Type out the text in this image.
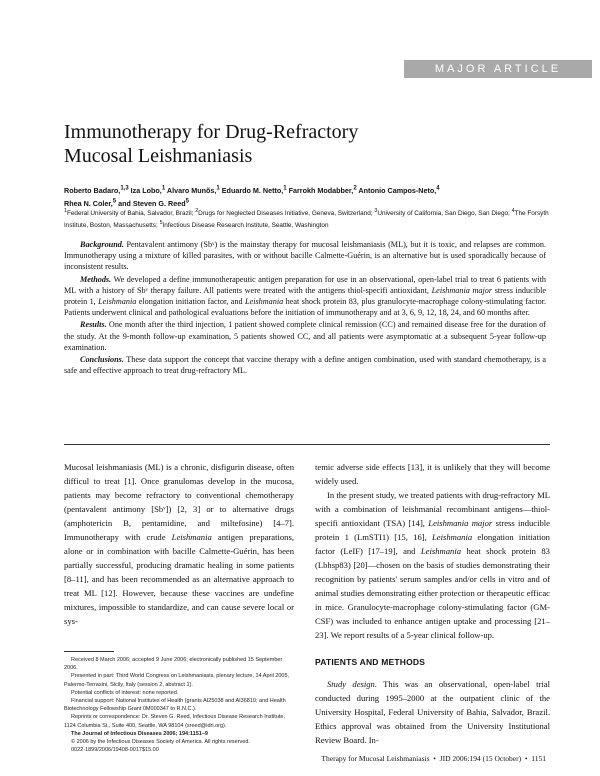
MAJOR ARTICLE
Immunotherapy for Drug-Refractory
Mucosal Leishmaniasis
Roberto Badaro,$^{1,3}$ Iza Lobo,$^1$ Alvaro Munõs,$^1$ Eduardo M. Netto,$^1$ Farrokh Modabber,$^2$ Antonio Campos-Neto,$^4$
Rhea N. Coler,$^5$ and Steven G. Reed$^5$
$^1$Federal University of Bahia, Salvador, Brazil; $^2$Drugs for Neglected Diseases Initiative, Geneva, Switzerland; $^3$University of California, San Diego, San Diego; $^4$The Forsyth Institute, Boston, Massachusetts; $^5$Infectious Disease Research Institute, Seattle, Washington

Background. Pentavalent antimony (Sbᵛ) is the mainstay therapy for mucosal leishmaniasis (ML), but it is toxic, and relapses are common. Immunotherapy using a mixture of killed parasites, with or without bacille Calmette-Guérin, is an alternative but is used sporadically because of inconsistent results.

Methods. We developed a define immunotherapeutic antigen preparation for use in an observational, open-label trial to treat 6 patients with ML with a history of Sbᵛ therapy failure. All patients were treated with the antigens thiol-specifi antioxidant, Leishmania major stress inducible protein 1, Leishmania elongation initiation factor, and Leishmania heat shock protein 83, plus granulocyte-macrophage colony-stimulating factor. Patients underwent clinical and pathological evaluations before the initiation of immunotherapy and at 3, 6, 9, 12, 18, 24, and 60 months after.

Results. One month after the third injection, 1 patient showed complete clinical remission (CC) and remained disease free for the duration of the study. At the 9-month follow-up examination, 5 patients showed CC, and all patients were asymptomatic at a subsequent 5-year follow-up examination.

Conclusions. These data support the concept that vaccine therapy with a define antigen combination, used with standard chemotherapy, is a safe and effective approach to treat drug-refractory ML.

Mucosal leishmaniasis (ML) is a chronic, disfigurin disease, often difficul to treat [1]. Once granulomas develop in the mucosa, patients may become refractory to conventional chemotherapy (pentavalent antimony [Sbᵛ]) [2, 3] or to alternative drugs (amphotericin B, pentamidine, and miltefosine) [4–7]. Immunotherapy with crude Leishmania antigen preparations, alone or in combination with bacille Calmette-Guérin, has been partially successful, producing dramatic healing in some patients [8–11], and has been recommended as an alternative approach to treat ML [12]. However, because these vaccines are undefine mixtures, impossible to standardize, and can cause severe local or sys-

Received 8 March 2006; accepted 9 June 2006; electronically published 15 September 2006.

Presented in part: Third World Congress on Leishmaniasis, plenary lecture, 14 April 2005, Palermo-Terrasini, Sicily, Italy (session 2, abstract 1).

Potential conflicts of interest: none reported.

Financial support: National Institutes of Health (grants AI25038 and AI36810; and Health Biotechnology Fellowship Grant 0M000347 to R.N.C.).

Reprints or correspondence: Dr. Steven G. Reed, Infectious Disease Research Institute, 1124 Columbia St., Suite 400, Seattle, WA 98104 (sreed@idri.org).

The Journal of Infectious Diseases 2006; 194:1151–9

© 2006 by the Infectious Diseases Society of America. All rights reserved.

0022-1899/2006/19408-0017$15.00

temic adverse side effects [13], it is unlikely that they will become widely used.

In the present study, we treated patients with drug-refractory ML with a combination of leishmanial recombinant antigens—thiol-specifi antioxidant (TSA) [14], Leishmania major stress inducible protein 1 (LmSTI1) [15, 16], Leishmania elongation initiation factor (LeIF) [17–19], and Leishmania heat shock protein 83 (Lbhsp83) [20]—chosen on the basis of studies demonstrating their recognition by patients' serum samples and/or cells in vitro and of animal studies demonstrating either protection or therapeutic efficac in mice. Granulocyte-macrophage colony-stimulating factor (GM-CSF) was included to enhance antigen uptake and processing [21–23]. We report results of a 5-year clinical follow-up.

PATIENTS AND METHODS

Study design. This was an observational, open-label trial conducted during 1995–2000 at the outpatient clinic of the University Hospital, Federal University of Bahia, Salvador, Brazil. Ethics approval was obtained from the University Institutional Review Board. In-

Therapy for Mucosal Leishmaniasis  •  JID 2006:194 (15 October)  •  1151
